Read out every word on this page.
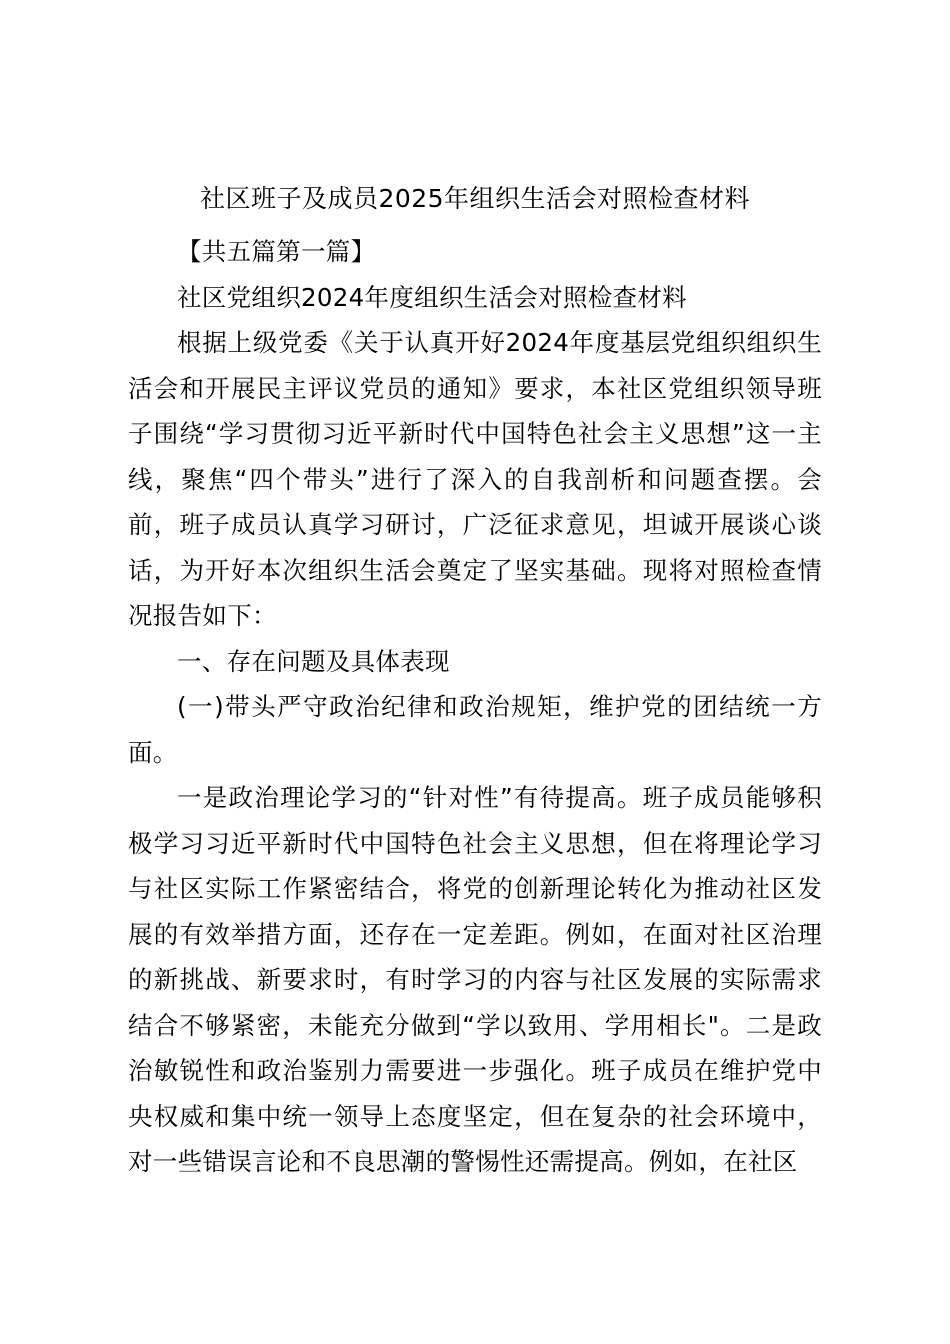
社区班子及成员2025年组织生活会对照检查材料

【共五篇第一篇】

社区党组织2024年度组织生活会对照检查材料

根据上级党委《关于认真开好2024年度基层党组织组织生活会和开展民主评议党员的通知》要求，本社区党组织领导班子围绕“学习贯彻习近平新时代中国特色社会主义思想”这一主线，聚焦“四个带头”进行了深入的自我剖析和问题查摆。会前，班子成员认真学习研讨，广泛征求意见，坦诚开展谈心谈话，为开好本次组织生活会奠定了坚实基础。现将对照检查情况报告如下：

一、存在问题及具体表现

(一)带头严守政治纪律和政治规矩，维护党的团结统一方面。

一是政治理论学习的“针对性”有待提高。班子成员能够积极学习习近平新时代中国特色社会主义思想，但在将理论学习与社区实际工作紧密结合，将党的创新理论转化为推动社区发展的有效举措方面，还存在一定差距。例如，在面对社区治理的新挑战、新要求时，有时学习的内容与社区发展的实际需求结合不够紧密，未能充分做到“学以致用、学用相长"。二是政治敏锐性和政治鉴别力需要进一步强化。班子成员在维护党中央权威和集中统一领导上态度坚定，但在复杂的社会环境中，对一些错误言论和不良思潮的警惕性还需提高。例如，在社区
